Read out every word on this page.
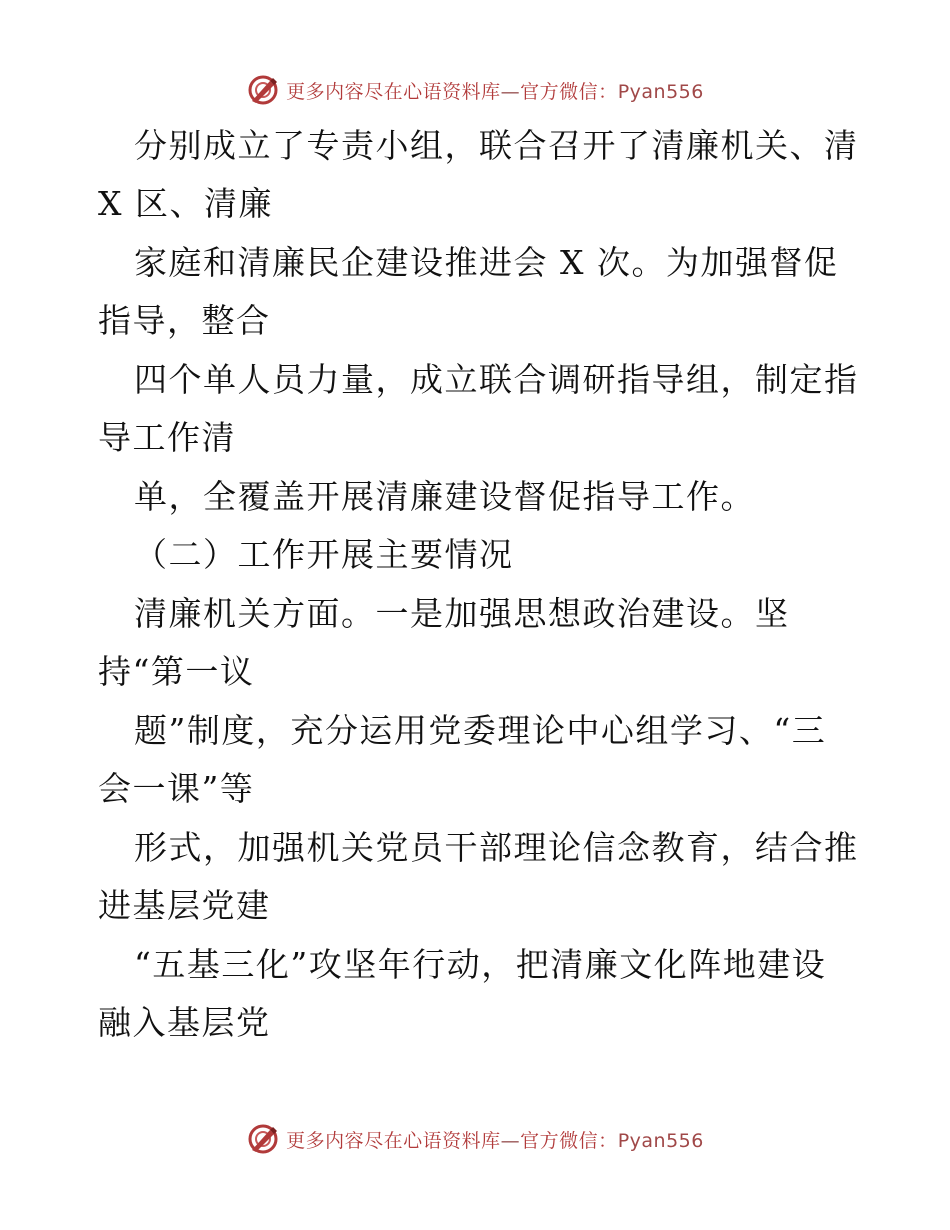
更多内容尽在心语资料库—官方微信：Pyan556
分别成立了专责小组，联合召开了清廉机关、清
X 区、清廉
家庭和清廉民企建设推进会 X 次。为加强督促
指导，整合
四个单人员力量，成立联合调研指导组，制定指
导工作清
单，全覆盖开展清廉建设督促指导工作。
（二）工作开展主要情况
清廉机关方面。一是加强思想政治建设。坚
持“第一议
题”制度，充分运用党委理论中心组学习、“三
会一课”等
形式，加强机关党员干部理论信念教育，结合推
进基层党建
“五基三化”攻坚年行动，把清廉文化阵地建设
融入基层党
更多内容尽在心语资料库—官方微信：Pyan556
